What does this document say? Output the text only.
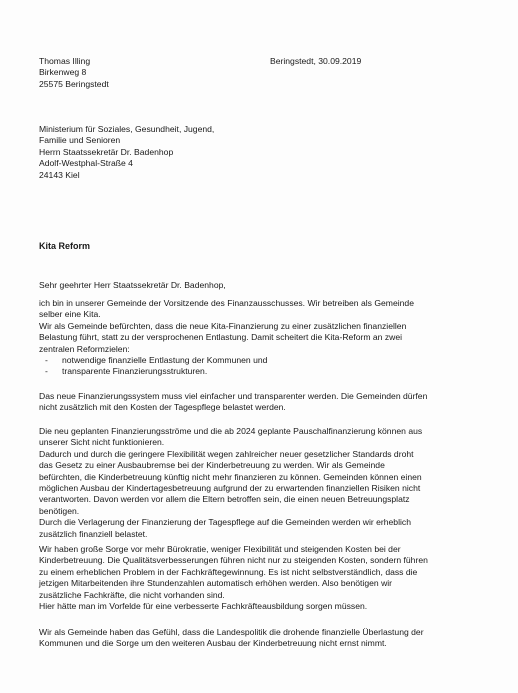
Thomas Illing
Birkenweg 8
25575 Beringstedt
Beringstedt, 30.09.2019
Ministerium für Soziales, Gesundheit, Jugend,
Familie und Senioren
Herrn Staatssekretär Dr. Badenhop
Adolf-Westphal-Straße 4
24143 Kiel
Kita Reform
Sehr geehrter Herr Staatssekretär Dr. Badenhop,
ich bin in unserer Gemeinde der Vorsitzende des Finanzausschusses. Wir betreiben als Gemeinde
selber eine Kita.
Wir als Gemeinde befürchten, dass die neue Kita-Finanzierung zu einer zusätzlichen finanziellen
Belastung führt, statt zu der versprochenen Entlastung. Damit scheitert die Kita-Reform an zwei
zentralen Reformzielen:
- notwendige finanzielle Entlastung der Kommunen und
- transparente Finanzierungsstrukturen.
Das neue Finanzierungssystem muss viel einfacher und transparenter werden. Die Gemeinden dürfen
nicht zusätzlich mit den Kosten der Tagespflege belastet werden.
Die neu geplanten Finanzierungsströme und die ab 2024 geplante Pauschalfinanzierung können aus
unserer Sicht nicht funktionieren.
Dadurch und durch die geringere Flexibilität wegen zahlreicher neuer gesetzlicher Standards droht
das Gesetz zu einer Ausbaubremse bei der Kinderbetreuung zu werden. Wir als Gemeinde
befürchten, die Kinderbetreuung künftig nicht mehr finanzieren zu können. Gemeinden können einen
möglichen Ausbau der Kindertagesbetreuung aufgrund der zu erwartenden finanziellen Risiken nicht
verantworten. Davon werden vor allem die Eltern betroffen sein, die einen neuen Betreuungsplatz
benötigen.
Durch die Verlagerung der Finanzierung der Tagespflege auf die Gemeinden werden wir erheblich
zusätzlich finanziell belastet.
Wir haben große Sorge vor mehr Bürokratie, weniger Flexibilität und steigenden Kosten bei der
Kinderbetreuung. Die Qualitätsverbesserungen führen nicht nur zu steigenden Kosten, sondern führen
zu einem erheblichen Problem in der Fachkräftegewinnung. Es ist nicht selbstverständlich, dass die
jetzigen Mitarbeitenden ihre Stundenzahlen automatisch erhöhen werden. Also benötigen wir
zusätzliche Fachkräfte, die nicht vorhanden sind.
Hier hätte man im Vorfelde für eine verbesserte Fachkräfteausbildung sorgen müssen.
Wir als Gemeinde haben das Gefühl, dass die Landespolitik die drohende finanzielle Überlastung der
Kommunen und die Sorge um den weiteren Ausbau der Kinderbetreuung nicht ernst nimmt.
